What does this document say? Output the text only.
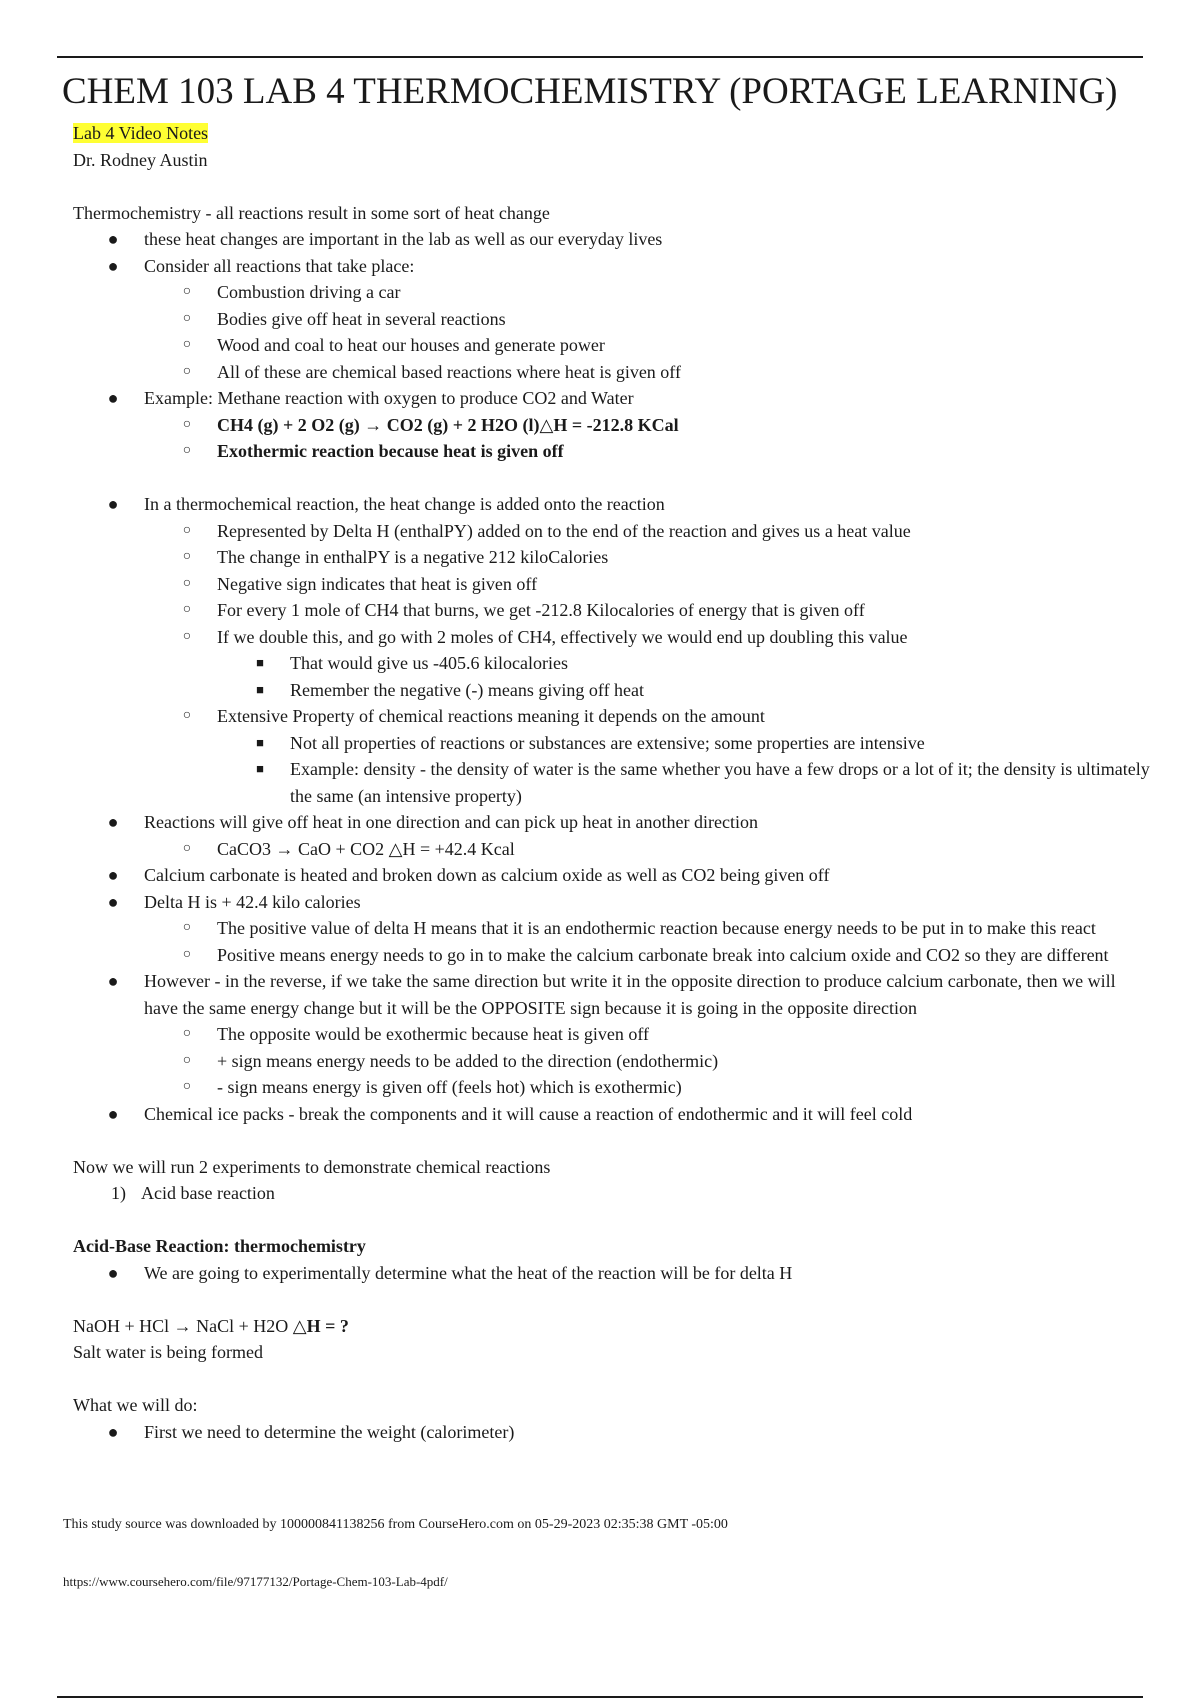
CHEM 103 LAB 4 THERMOCHEMISTRY (PORTAGE LEARNING)
Lab 4 Video Notes
Dr. Rodney Austin
Thermochemistry - all reactions result in some sort of heat change
● these heat changes are important in the lab as well as our everyday lives
● Consider all reactions that take place:
○	Combustion driving a car
○	Bodies give off heat in several reactions
○	Wood and coal to heat our houses and generate power
○	All of these are chemical based reactions where heat is given off
● Example: Methane reaction with oxygen to produce CO2 and Water
○	CH4 (g) + 2 O2 (g) → CO2 (g) + 2 H2O (l)△H = -212.8 KCal
○	Exothermic reaction because heat is given off
● In a thermochemical reaction, the heat change is added onto the reaction
○	Represented by Delta H (enthalPY) added on to the end of the reaction and gives us a heat value
○	The change in enthalPY is a negative 212 kiloCalories
○	Negative sign indicates that heat is given off
○	For every 1 mole of CH4 that burns, we get -212.8 Kilocalories of energy that is given off
○	If we double this, and go with 2 moles of CH4, effectively we would end up doubling this value
■	That would give us -405.6 kilocalories
■	Remember the negative (-) means giving off heat
○	Extensive Property of chemical reactions meaning it depends on the amount
■	Not all properties of reactions or substances are extensive; some properties are intensive
■	Example: density - the density of water is the same whether you have a few drops or a lot of it; the density is ultimately the same (an intensive property)
● Reactions will give off heat in one direction and can pick up heat in another direction
○	CaCO3 → CaO + CO2 △H = +42.4 Kcal
● Calcium carbonate is heated and broken down as calcium oxide as well as CO2 being given off
● Delta H is + 42.4 kilo calories
○	The positive value of delta H means that it is an endothermic reaction because energy needs to be put in to make this react
○	Positive means energy needs to go in to make the calcium carbonate break into calcium oxide and CO2 so they are different
● However - in the reverse, if we take the same direction but write it in the opposite direction to produce calcium carbonate, then we will have the same energy change but it will be the OPPOSITE sign because it is going in the opposite direction
○	The opposite would be exothermic because heat is given off
○	+ sign means energy needs to be added to the direction (endothermic)
○	- sign means energy is given off (feels hot) which is exothermic)
● Chemical ice packs - break the components and it will cause a reaction of endothermic and it will feel cold
Now we will run 2 experiments to demonstrate chemical reactions
1) Acid base reaction
Acid-Base Reaction: thermochemistry
● We are going to experimentally determine what the heat of the reaction will be for delta H
NaOH + HCl → NaCl + H2O △H = ?
Salt water is being formed
What we will do:
● First we need to determine the weight (calorimeter)
This study source was downloaded by 100000841138256 from CourseHero.com on 05-29-2023 02:35:38 GMT -05:00
https://www.coursehero.com/file/97177132/Portage-Chem-103-Lab-4pdf/
